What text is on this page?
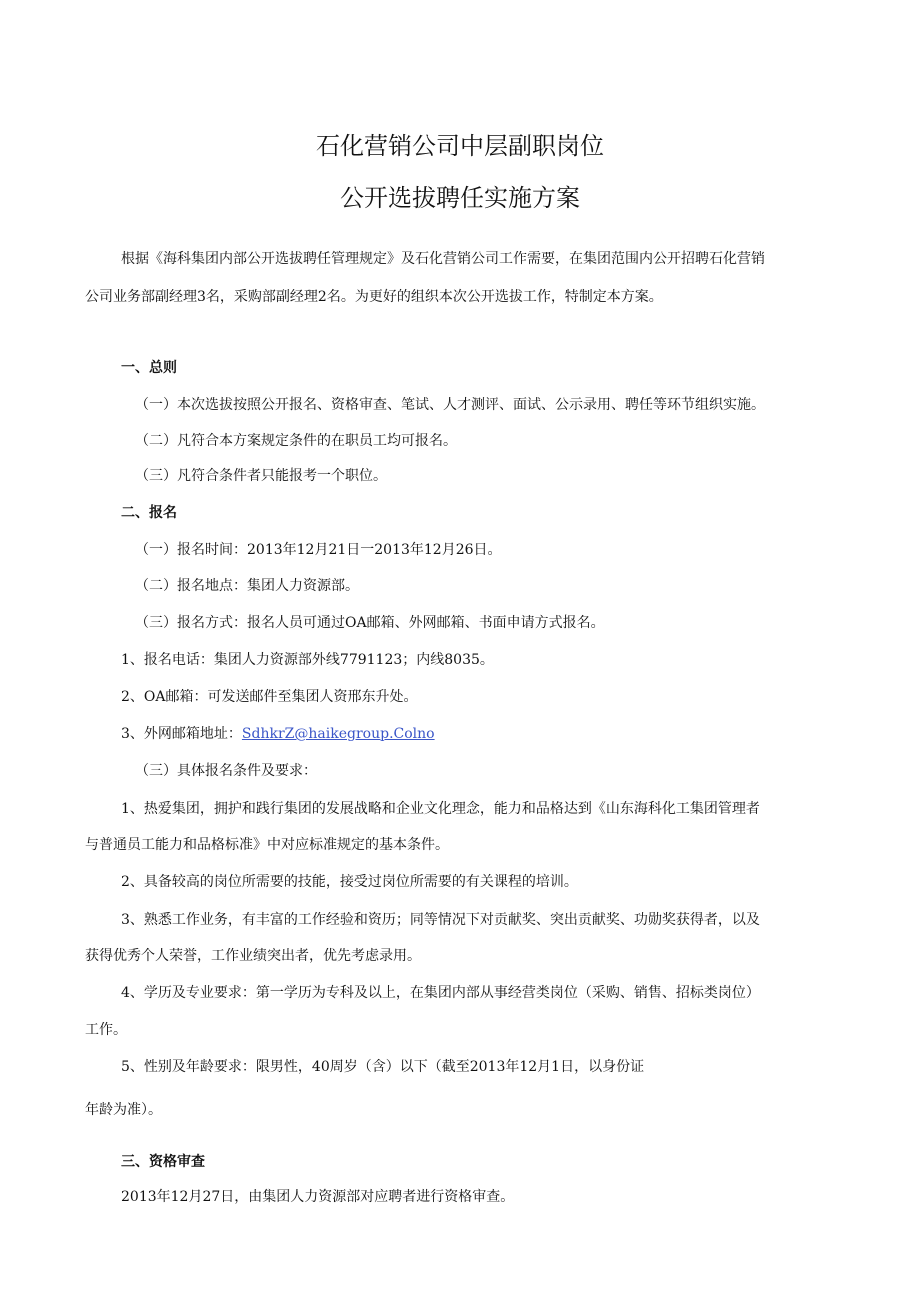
石化营销公司中层副职岗位
公开选拔聘任实施方案
根据《海科集团内部公开选拔聘任管理规定》及石化营销公司工作需要，在集团范围内公开招聘石化营销
公司业务部副经理3名，采购部副经理2名。为更好的组织本次公开选拔工作，特制定本方案。
一、总则
（一）本次选拔按照公开报名、资格审查、笔试、人才测评、面试、公示录用、聘任等环节组织实施。
（二）凡符合本方案规定条件的在职员工均可报名。
（三）凡符合条件者只能报考一个职位。
二、报名
（一）报名时间：2013年12月21日一2013年12月26日。
（二）报名地点：集团人力资源部。
（三）报名方式：报名人员可通过OA邮箱、外网邮箱、书面申请方式报名。
1、报名电话：集团人力资源部外线7791123；内线8035。
2、OA邮箱：可发送邮件至集团人资邢东升处。
3、外网邮箱地址：SdhkrZ@haikegroup.Colno
（三）具体报名条件及要求：
1、热爱集团，拥护和践行集团的发展战略和企业文化理念，能力和品格达到《山东海科化工集团管理者
与普通员工能力和品格标准》中对应标准规定的基本条件。
2、具备较高的岗位所需要的技能，接受过岗位所需要的有关课程的培训。
3、熟悉工作业务，有丰富的工作经验和资历；同等情况下对贡献奖、突出贡献奖、功勋奖获得者，以及
获得优秀个人荣誉，工作业绩突出者，优先考虑录用。
4、学历及专业要求：第一学历为专科及以上，在集团内部从事经营类岗位（采购、销售、招标类岗位）
工作。
5、性别及年龄要求：限男性，40周岁（含）以下（截至2013年12月1日，以身份证
年龄为准）。
三、资格审查
2013年12月27日，由集团人力资源部对应聘者进行资格审查。
